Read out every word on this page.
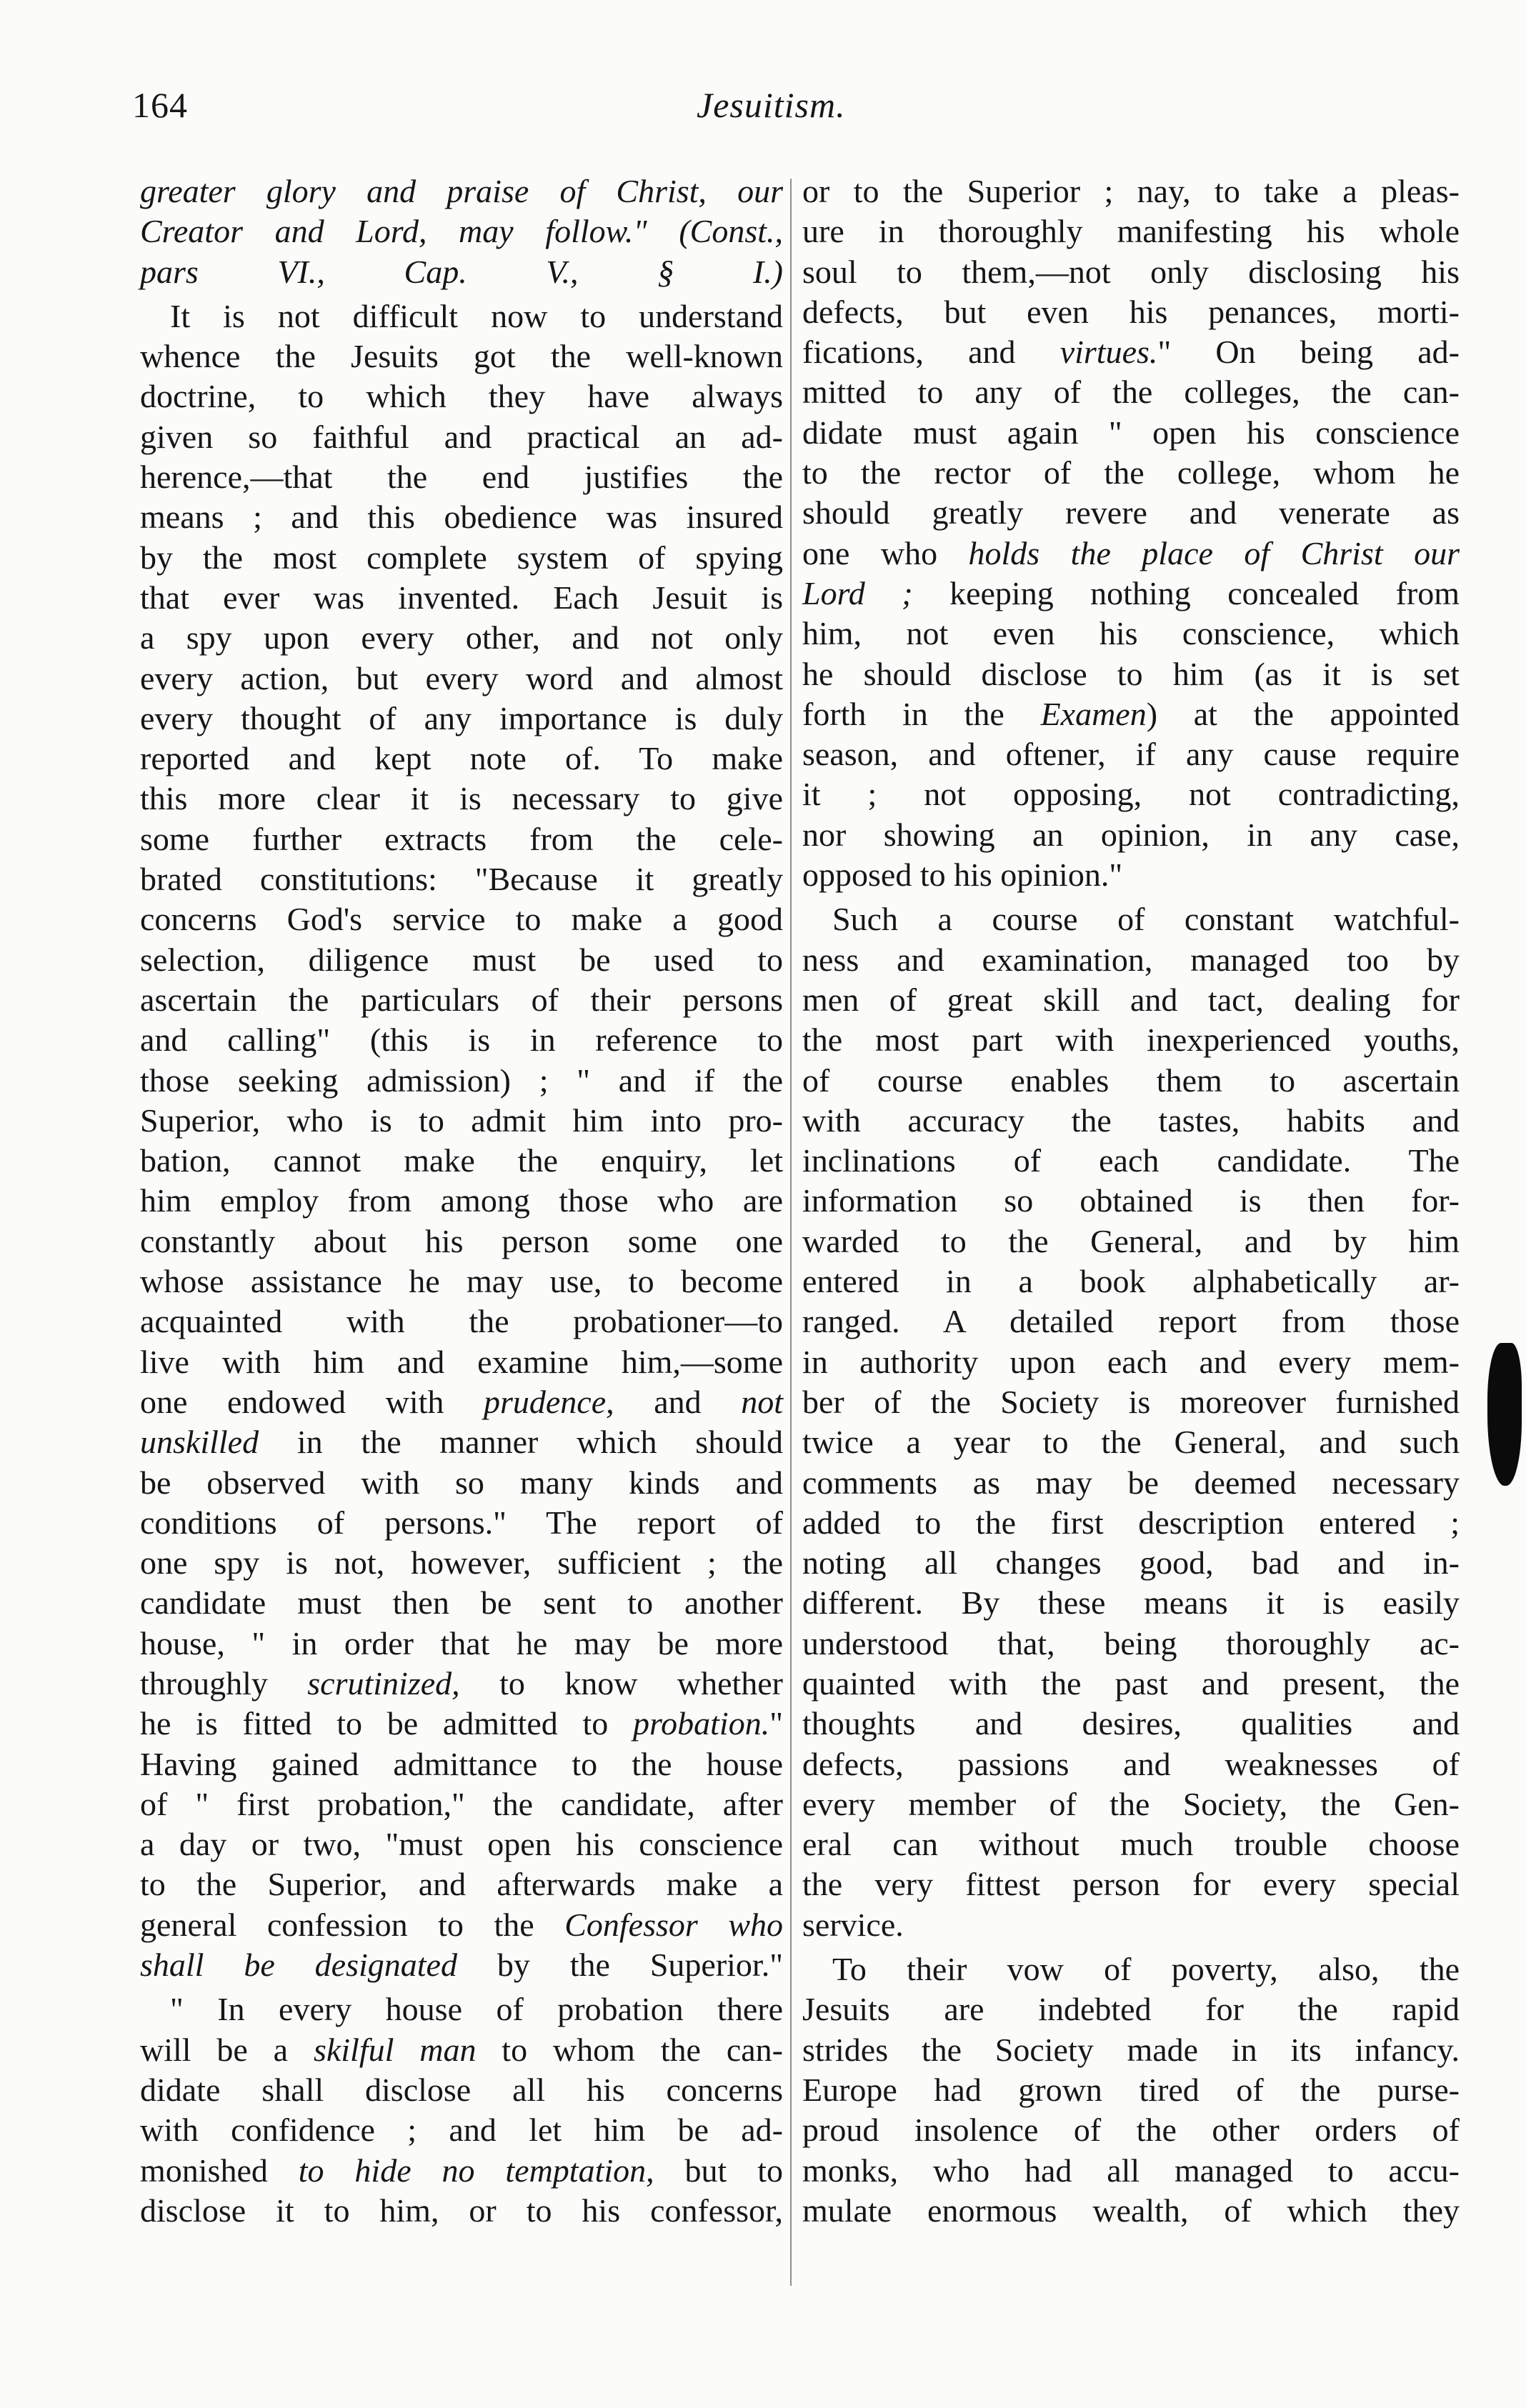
164	Jesuitism.

greater glory and praise of Christ, our
Creator and Lord, may follow." (Const.,
pars VI., Cap. V., § I.)

It is not difficult now to understand
whence the Jesuits got the well-known
doctrine, to which they have always
given so faithful and practical an ad-
herence,—that the end justifies the
means ; and this obedience was insured
by the most complete system of spying
that ever was invented. Each Jesuit is
a spy upon every other, and not only
every action, but every word and almost
every thought of any importance is duly
reported and kept note of. To make
this more clear it is necessary to give
some further extracts from the cele-
brated constitutions: "Because it greatly
concerns God's service to make a good
selection, diligence must be used to
ascertain the particulars of their persons
and calling" (this is in reference to
those seeking admission) ; " and if the
Superior, who is to admit him into pro-
bation, cannot make the enquiry, let
him employ from among those who are
constantly about his person some one
whose assistance he may use, to become
acquainted with the probationer—to
live with him and examine him,—some
one endowed with prudence, and not
unskilled in the manner which should
be observed with so many kinds and
conditions of persons." The report of
one spy is not, however, sufficient ; the
candidate must then be sent to another
house, " in order that he may be more
throughly scrutinized, to know whether
he is fitted to be admitted to probation."
Having gained admittance to the house
of " first probation," the candidate, after
a day or two, "must open his conscience
to the Superior, and afterwards make a
general confession to the Confessor who
shall be designated by the Superior."

" In every house of probation there
will be a skilful man to whom the can-
didate shall disclose all his concerns
with confidence ; and let him be ad-
monished to hide no temptation, but to
disclose it to him, or to his confessor,

or to the Superior ; nay, to take a pleas-
ure in thoroughly manifesting his whole
soul to them,—not only disclosing his
defects, but even his penances, morti-
fications, and virtues." On being ad-
mitted to any of the colleges, the can-
didate must again " open his conscience
to the rector of the college, whom he
should greatly revere and venerate as
one who holds the place of Christ our
Lord ; keeping nothing concealed from
him, not even his conscience, which
he should disclose to him (as it is set
forth in the Examen) at the appointed
season, and oftener, if any cause require
it ; not opposing, not contradicting,
nor showing an opinion, in any case,
opposed to his opinion."

Such a course of constant watchful-
ness and examination, managed too by
men of great skill and tact, dealing for
the most part with inexperienced youths,
of course enables them to ascertain
with accuracy the tastes, habits and
inclinations of each candidate. The
information so obtained is then for-
warded to the General, and by him
entered in a book alphabetically ar-
ranged. A detailed report from those
in authority upon each and every mem-
ber of the Society is moreover furnished
twice a year to the General, and such
comments as may be deemed necessary
added to the first description entered ;
noting all changes good, bad and in-
different. By these means it is easily
understood that, being thoroughly ac-
quainted with the past and present, the
thoughts and desires, qualities and
defects, passions and weaknesses of
every member of the Society, the Gen-
eral can without much trouble choose
the very fittest person for every special
service.

To their vow of poverty, also, the
Jesuits are indebted for the rapid
strides the Society made in its infancy.
Europe had grown tired of the purse-
proud insolence of the other orders of
monks, who had all managed to accu-
mulate enormous wealth, of which they
